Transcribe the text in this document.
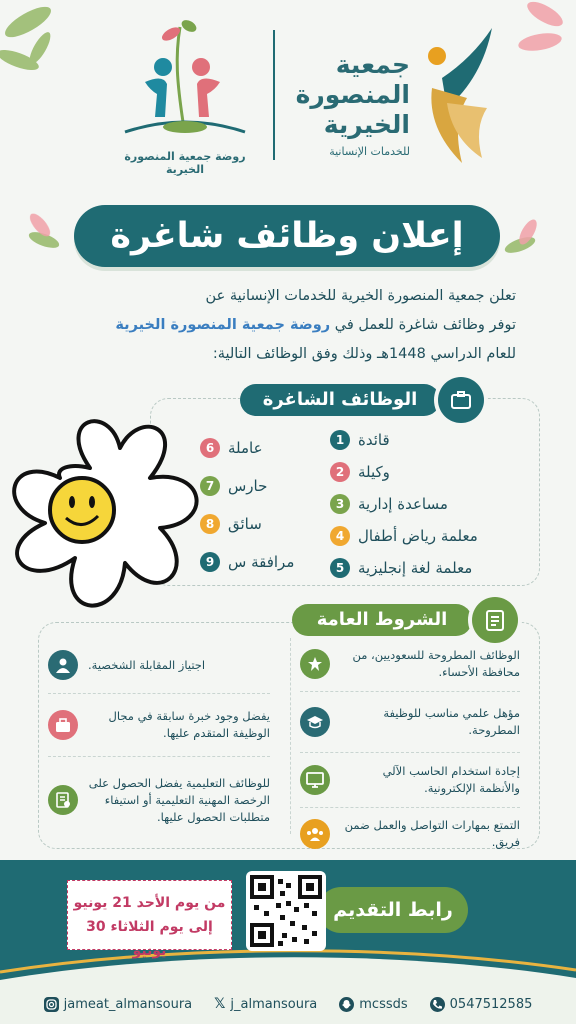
روضة جمعية المنصورة الخيرية
جمعية
المنصورة
الخيرية
للخدمات الإنسانية
إعلان وظائف شاغرة
تعلن جمعية المنصورة الخيرية للخدمات الإنسانية عن
توفر وظائف شاغرة للعمل في روضة جمعية المنصورة الخيرية
للعام الدراسي 1448هـ وذلك وفق الوظائف التالية:
الوظائف الشاغرة
1 قائدة
2 وكيلة
3 مساعدة إدارية
4 معلمة رياض أطفال
5 معلمة لغة إنجليزية
6 عاملة
7 حارس
8 سائق
9 مرافقة س
الشروط العامة
الوظائف المطروحة للسعوديين، من محافظة الأحساء.
مؤهل علمي مناسب للوظيفة المطروحة.
إجادة استخدام الحاسب الآلي والأنظمة الإلكترونية.
التمتع بمهارات التواصل والعمل ضمن فريق.
اجتياز المقابلة الشخصية.
يفضل وجود خبرة سابقة في مجال الوظيفة المتقدم عليها.
للوظائف التعليمية يفضل الحصول على الرخصة المهنية التعليمية أو استيفاء متطلبات الحصول عليها.
من يوم الأحد 21 يونيو
إلى يوم الثلاثاء 30 يونيو
رابط التقديم
jameat_almansoura 𝕏 j_almansoura	mcssds	0547512585
